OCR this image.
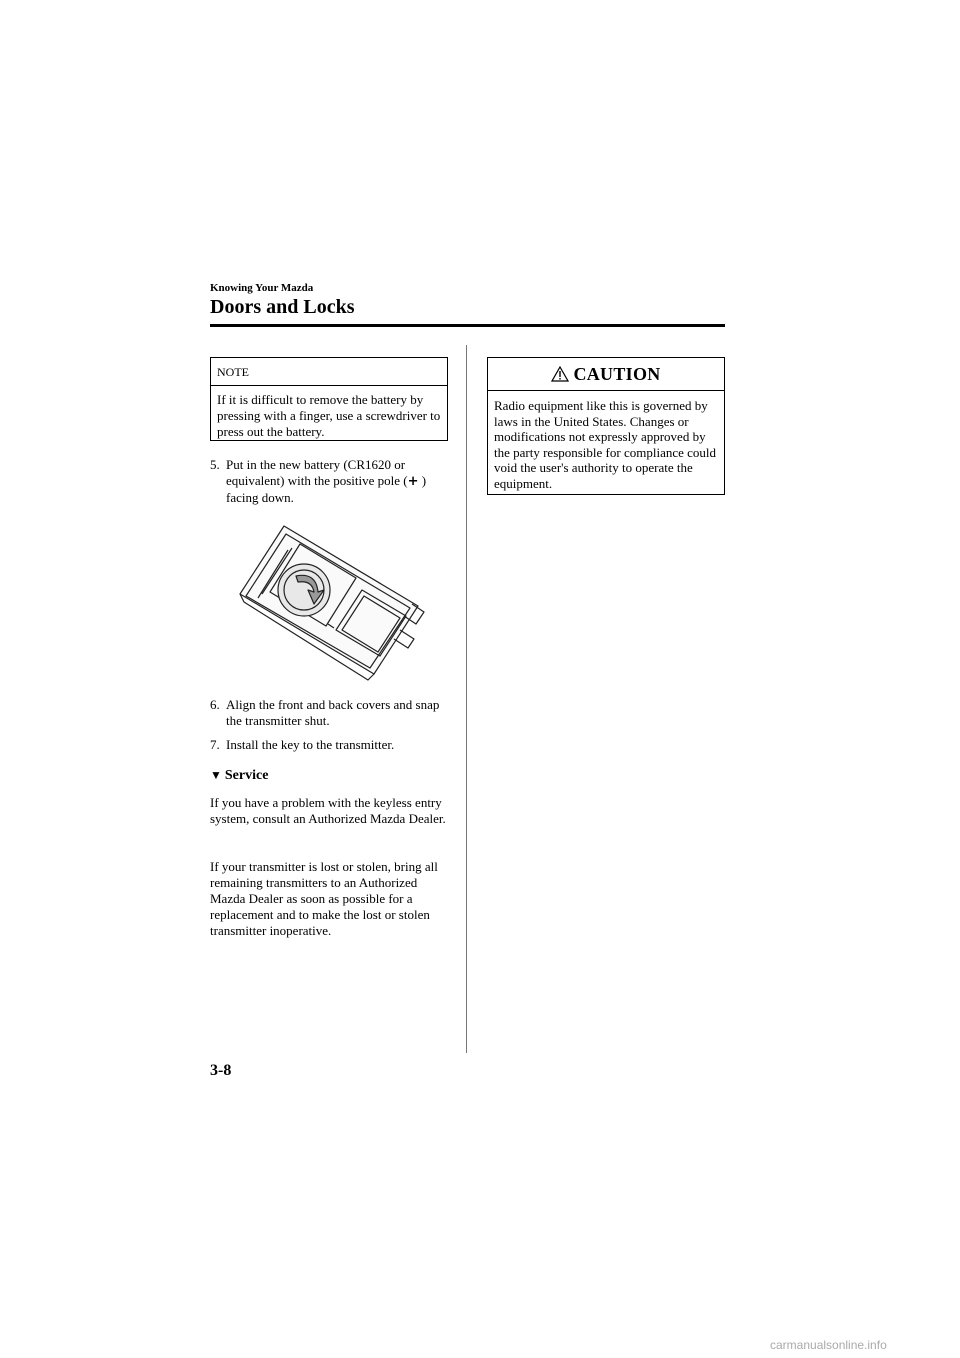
Knowing Your Mazda
Doors and Locks
NOTE
If it is difficult to remove the battery by pressing with a finger, use a screwdriver to press out the battery.
5. Put in the new battery (CR1620 or equivalent) with the positive pole (+ ) facing down.
6. Align the front and back covers and snap the transmitter shut.
7. Install the key to the transmitter.
▼ Service
If you have a problem with the keyless entry system, consult an Authorized Mazda Dealer.
If your transmitter is lost or stolen, bring all remaining transmitters to an Authorized Mazda Dealer as soon as possible for a replacement and to make the lost or stolen transmitter inoperative.
CAUTION
Radio equipment like this is governed by laws in the United States. Changes or modifications not expressly approved by the party responsible for compliance could void the user's authority to operate the equipment.
3-8
carmanualsonline.info
